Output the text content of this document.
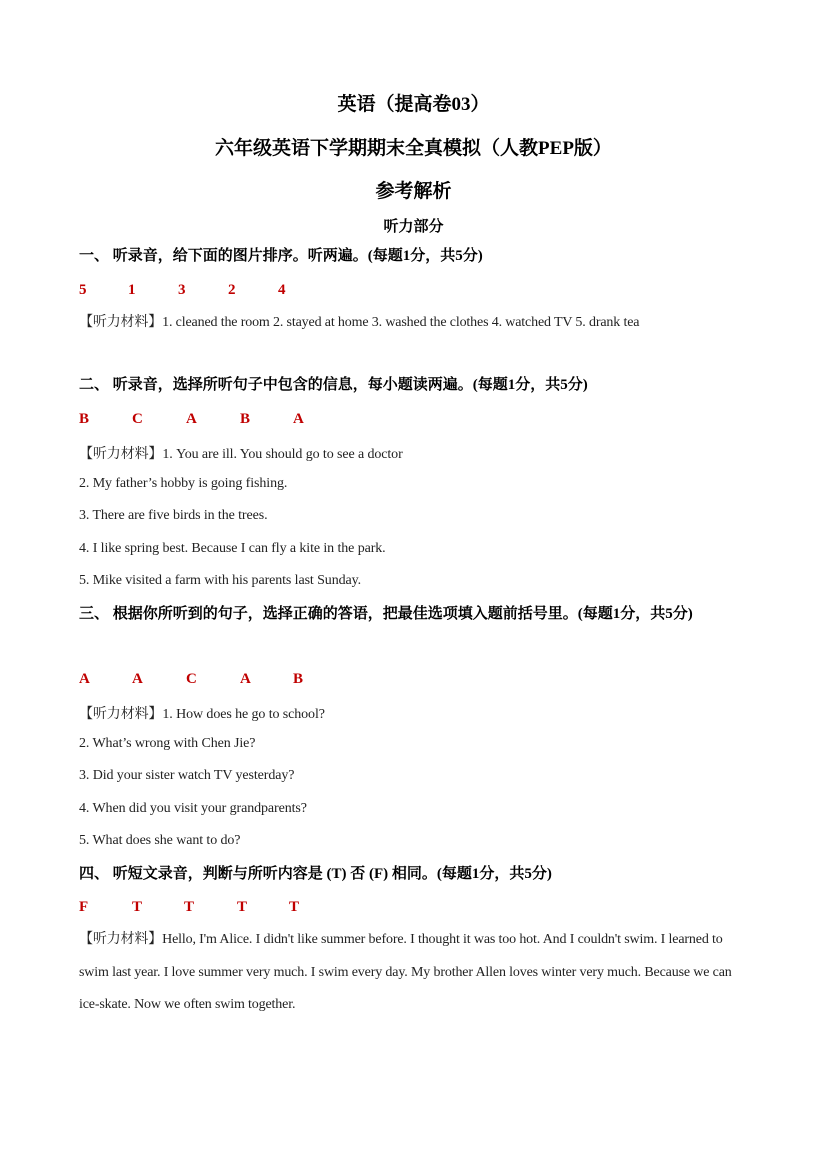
英语（提高卷03）
六年级英语下学期期末全真模拟（人教PEP版）
参考解析
听力部分
一、 听录音，给下面的图片排序。听两遍。(每题1分，共5分)
5	1	3	2	4
【听力材料】1. cleaned the room 2. stayed at home 3. washed the clothes 4. watched TV 5. drank tea
二、 听录音，选择所听句子中包含的信息，每小题读两遍。(每题1分，共5分)
B	C	A	B	A
【听力材料】1. You are ill. You should go to see a doctor
2. My father’s hobby is going fishing.
3. There are five birds in the trees.
4. I like spring best. Because I can fly a kite in the park.
5. Mike visited a farm with his parents last Sunday.
三、 根据你所听到的句子，选择正确的答语，把最佳选项填入题前括号里。(每题1分，共5分)
A	A	C	A	B
【听力材料】1. How does he go to school?
2. What’s wrong with Chen Jie?
3. Did your sister watch TV yesterday?
4. When did you visit your grandparents?
5. What does she want to do?
四、 听短文录音，判断与所听内容是 (T) 否 (F) 相同。(每题1分，共5分)
F	T	T	T	T
【听力材料】Hello, I'm Alice. I didn't like summer before. I thought it was too hot. And I couldn't swim. I learned to swim last year. I love summer very much. I swim every day. My brother Allen loves winter very much. Because we can ice-skate. Now we often swim together.
